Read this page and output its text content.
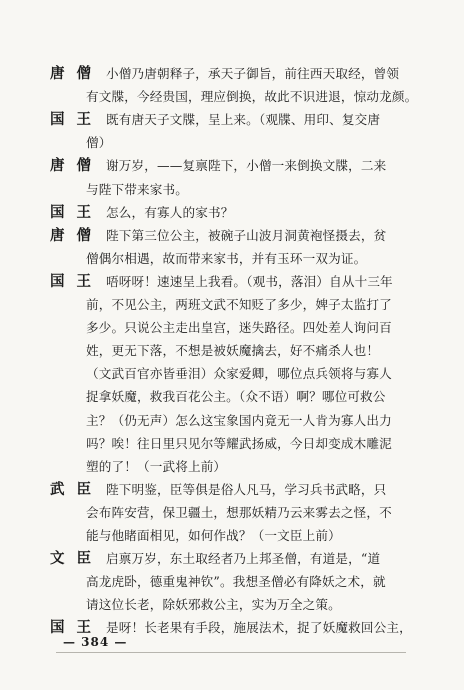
唐僧 小僧乃唐朝释子，承天子御旨，前往西天取经，曾领
有文牒，今经贵国，理应倒换，故此不识进退，惊动龙颜。
国王 既有唐天子文牒，呈上来。（观牒、用印、复交唐
僧）
唐僧 谢万岁，——复禀陛下，小僧一来倒换文牒，二来
与陛下带来家书。
国王 怎么，有寡人的家书？
唐僧 陛下第三位公主，被碗子山波月洞黄袍怪摄去，贫
僧偶尔相遇，故而带来家书，并有玉环一双为证。
国王 唔呀呀！速速呈上我看。（观书，落泪）自从十三年
前，不见公主，两班文武不知贬了多少，婢子太监打了
多少。只说公主走出皇宫，迷失路径。四处差人询问百
姓，更无下落，不想是被妖魔擒去，好不痛杀人也！
（文武百官亦皆垂泪）众家爱卿，哪位点兵领将与寡人
捉拿妖魔，救我百花公主。（众不语）啊？哪位可救公
主？（仍无声）怎么这宝象国内竟无一人肯为寡人出力
吗？唉！往日里只见尔等耀武扬威，今日却变成木雕泥
塑的了！（一武将上前）
武臣 陛下明鉴，臣等俱是俗人凡马，学习兵书武略，只
会布阵安营，保卫疆土，想那妖精乃云来雾去之怪，不
能与他睹面相见，如何作战？（一文臣上前）
文臣 启禀万岁，东土取经者乃上邦圣僧，有道是，“道
高龙虎卧，德重鬼神钦”。我想圣僧必有降妖之术，就
请这位长老，除妖邪救公主，实为万全之策。
国王 是呀！长老果有手段，施展法术，捉了妖魔救回公主，
— 384 —
